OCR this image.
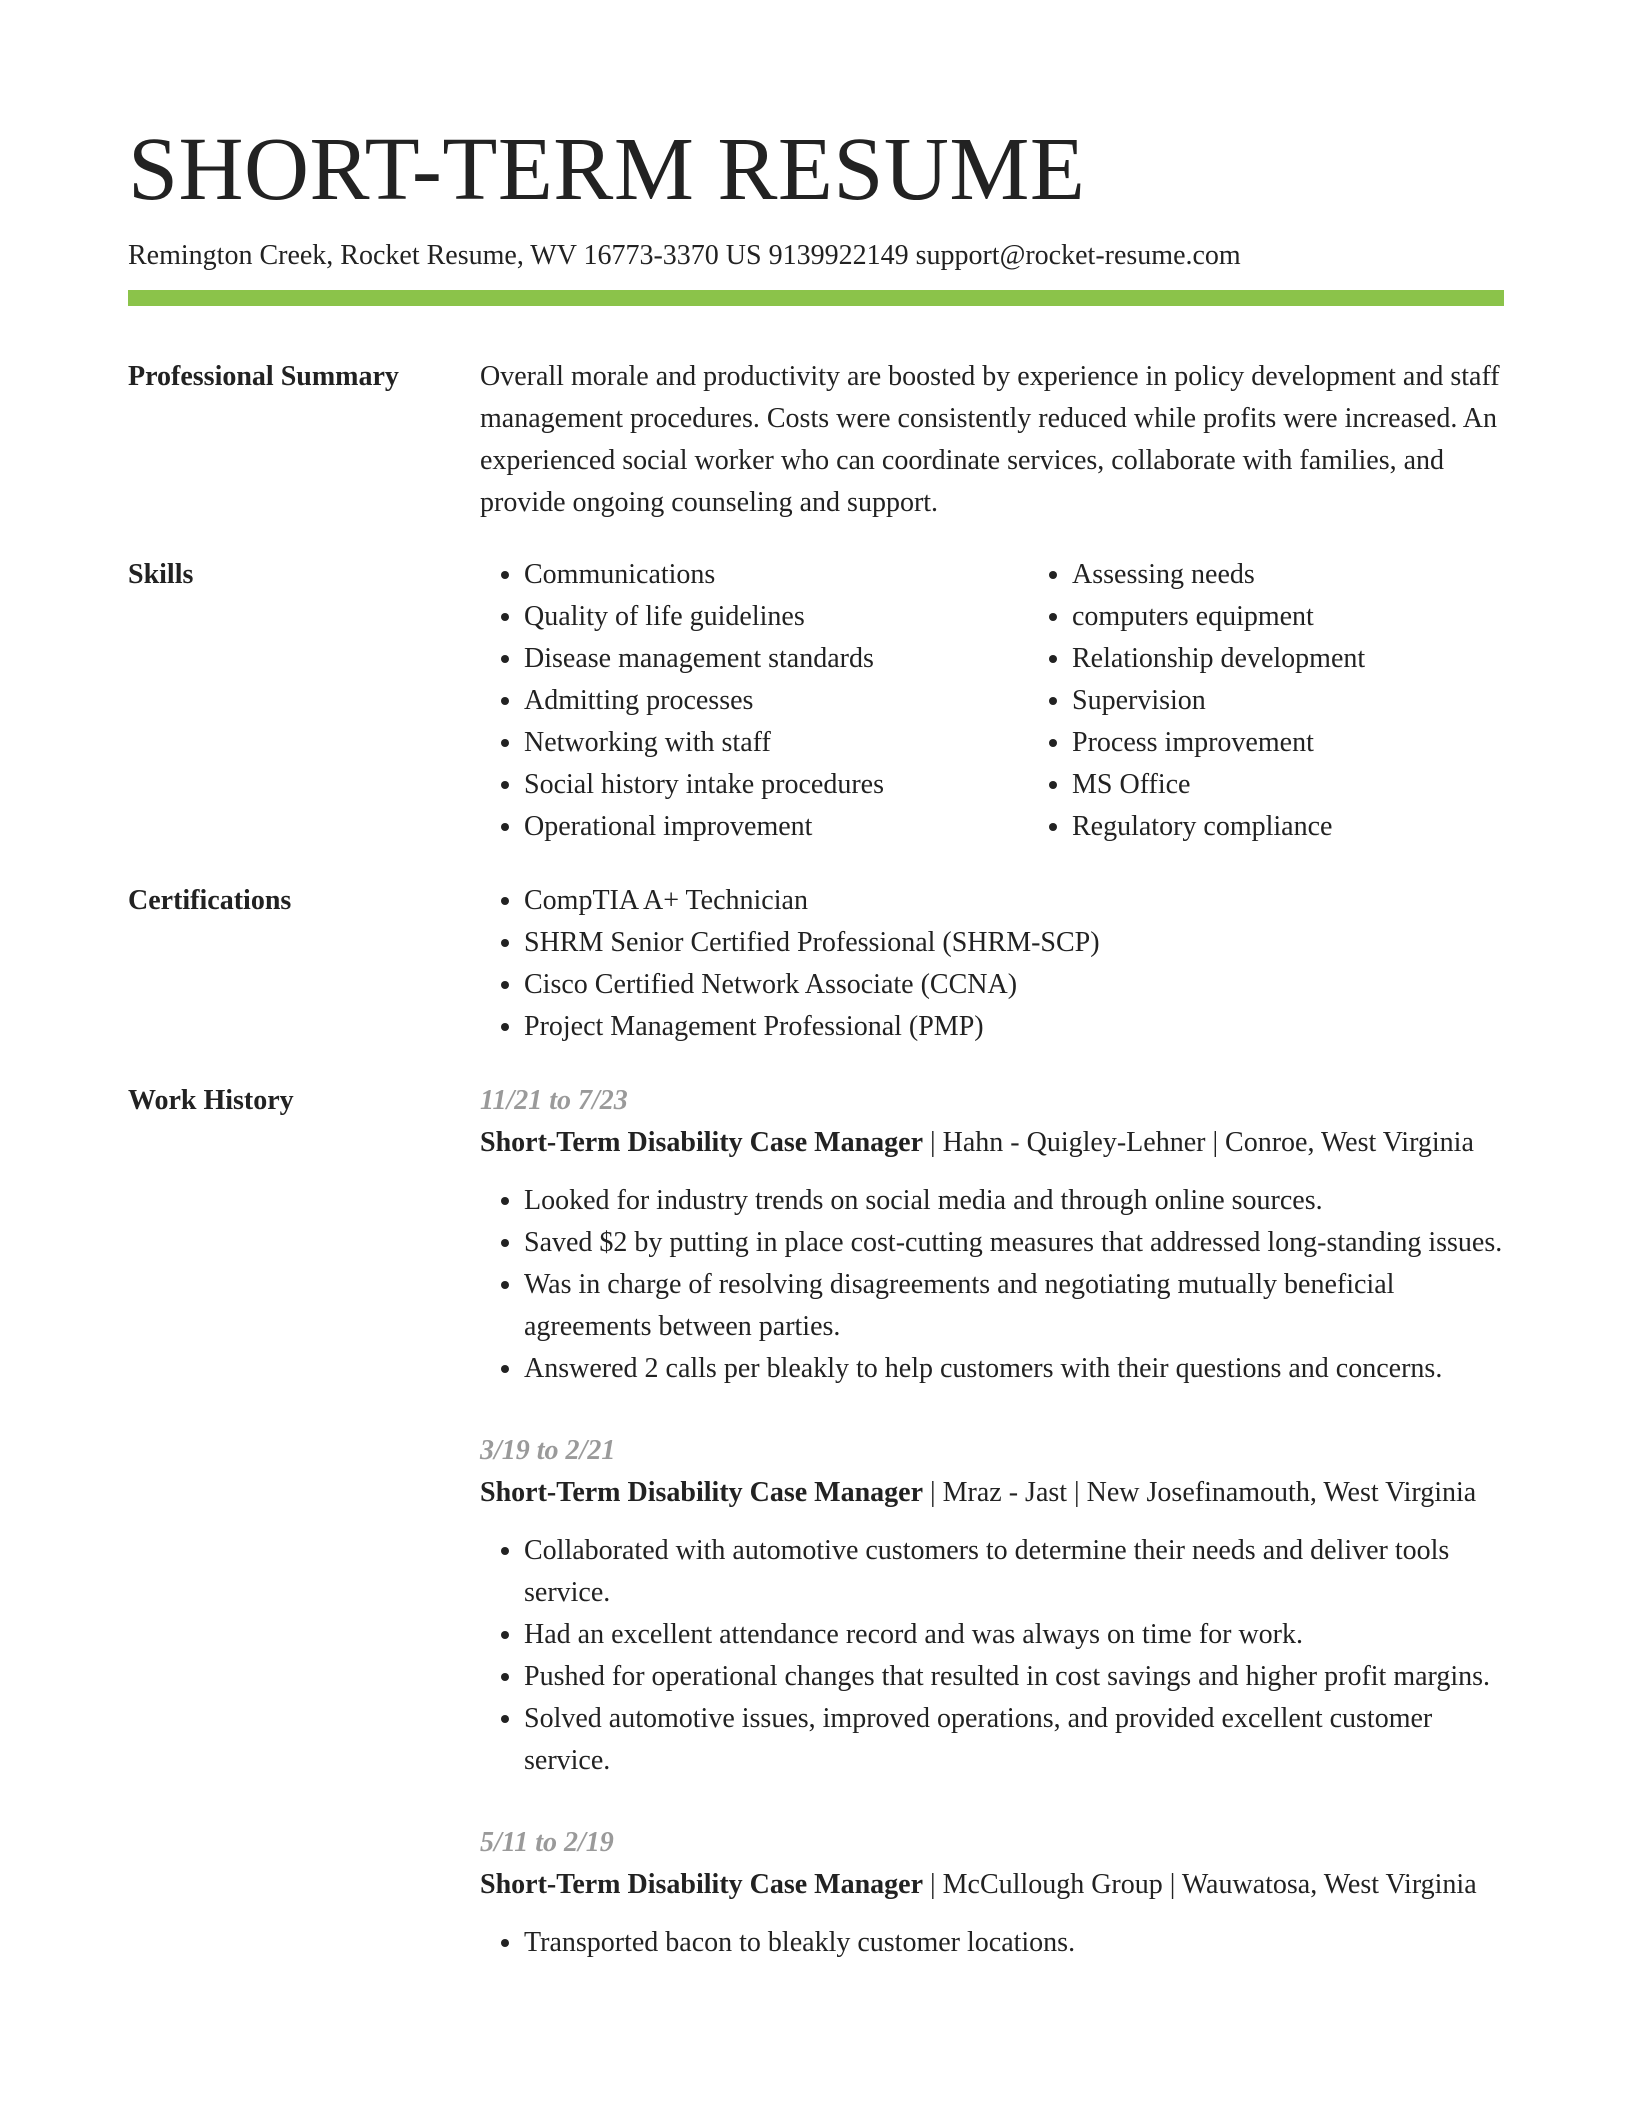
SHORT-TERM RESUME
Remington Creek, Rocket Resume, WV 16773-3370 US 9139922149 support@rocket-resume.com
Professional Summary	Overall morale and productivity are boosted by experience in policy development and staff management procedures. Costs were consistently reduced while profits were increased. An experienced social worker who can coordinate services, collaborate with families, and provide ongoing counseling and support.

Skills	• Communications
• Quality of life guidelines
• Disease management standards
• Admitting processes
• Networking with staff
• Social history intake procedures
• Operational improvement
• Assessing needs
• computers equipment
• Relationship development
• Supervision
• Process improvement
• MS Office
• Regulatory compliance
Certifications	• CompTIA A+ Technician
• SHRM Senior Certified Professional (SHRM-SCP)
• Cisco Certified Network Associate (CCNA)
• Project Management Professional (PMP)
Work History	11/21 to 7/23
Short-Term Disability Case Manager | Hahn - Quigley-Lehner | Conroe, West Virginia
• Looked for industry trends on social media and through online sources.
• Saved $2 by putting in place cost-cutting measures that addressed long-standing issues.
• Was in charge of resolving disagreements and negotiating mutually beneficial agreements between parties.
• Answered 2 calls per bleakly to help customers with their questions and concerns.
3/19 to 2/21
Short-Term Disability Case Manager | Mraz - Jast | New Josefinamouth, West Virginia
• Collaborated with automotive customers to determine their needs and deliver tools service.
• Had an excellent attendance record and was always on time for work.
• Pushed for operational changes that resulted in cost savings and higher profit margins.
• Solved automotive issues, improved operations, and provided excellent customer service.
5/11 to 2/19
Short-Term Disability Case Manager | McCullough Group | Wauwatosa, West Virginia
• Transported bacon to bleakly customer locations.
